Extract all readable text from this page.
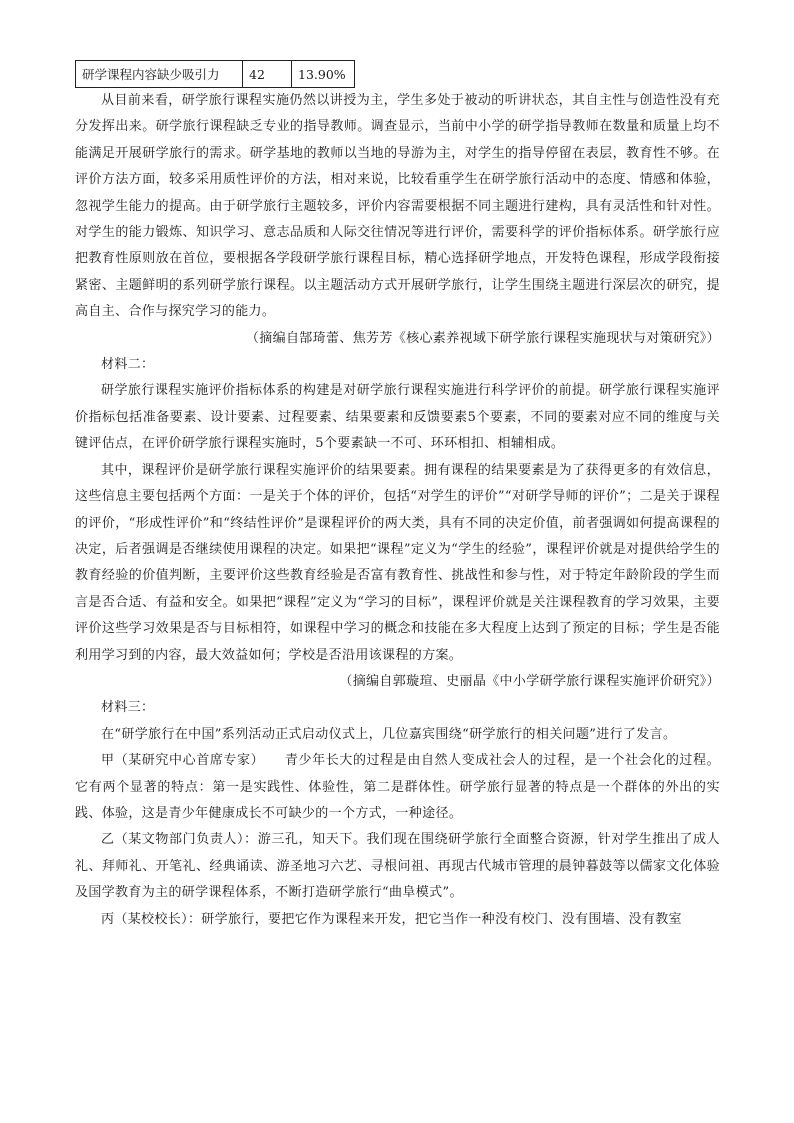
研学课程内容缺少吸引力	42	13.90%

从目前来看，研学旅行课程实施仍然以讲授为主，学生多处于被动的听讲状态，其自主性与创造性没有充分发挥出来。研学旅行课程缺乏专业的指导教师。调查显示，当前中小学的研学指导教师在数量和质量上均不能满足开展研学旅行的需求。研学基地的教师以当地的导游为主，对学生的指导停留在表层，教育性不够。在评价方法方面，较多采用质性评价的方法，相对来说，比较看重学生在研学旅行活动中的态度、情感和体验，忽视学生能力的提高。由于研学旅行主题较多，评价内容需要根据不同主题进行建构，具有灵活性和针对性。对学生的能力锻炼、知识学习、意志品质和人际交往情况等进行评价，需要科学的评价指标体系。研学旅行应把教育性原则放在首位，要根据各学段研学旅行课程目标，精心选择研学地点，开发特色课程，形成学段衔接紧密、主题鲜明的系列研学旅行课程。以主题活动方式开展研学旅行，让学生围绕主题进行深层次的研究，提高自主、合作与探究学习的能力。

（摘编自郜琦蕾、焦芳芳《核心素养视域下研学旅行课程实施现状与对策研究》）

材料二：

研学旅行课程实施评价指标体系的构建是对研学旅行课程实施进行科学评价的前提。研学旅行课程实施评价指标包括准备要素、设计要素、过程要素、结果要素和反馈要素5个要素，不同的要素对应不同的维度与关键评估点，在评价研学旅行课程实施时，5个要素缺一不可、环环相扣、相辅相成。

其中，课程评价是研学旅行课程实施评价的结果要素。拥有课程的结果要素是为了获得更多的有效信息，这些信息主要包括两个方面：一是关于个体的评价，包括“对学生的评价”“对研学导师的评价”；二是关于课程的评价，“形成性评价”和“终结性评价”是课程评价的两大类，具有不同的决定价值，前者强调如何提高课程的决定，后者强调是否继续使用课程的决定。如果把“课程”定义为“学生的经验”，课程评价就是对提供给学生的教育经验的价值判断，主要评价这些教育经验是否富有教育性、挑战性和参与性，对于特定年龄阶段的学生而言是否合适、有益和安全。如果把“课程”定义为“学习的目标”，课程评价就是关注课程教育的学习效果，主要评价这些学习效果是否与目标相符，如课程中学习的概念和技能在多大程度上达到了预定的目标；学生是否能利用学习到的内容，最大效益如何；学校是否沿用该课程的方案。

（摘编自郭璇瑄、史丽晶《中小学研学旅行课程实施评价研究》）

材料三：

在“研学旅行在中国”系列活动正式启动仪式上，几位嘉宾围绕“研学旅行的相关问题”进行了发言。

甲（某研究中心首席专家）　　青少年长大的过程是由自然人变成社会人的过程，是一个社会化的过程。它有两个显著的特点：第一是实践性、体验性，第二是群体性。研学旅行显著的特点是一个群体的外出的实践、体验，这是青少年健康成长不可缺少的一个方式，一种途径。

乙（某文物部门负责人）：游三孔，知天下。我们现在围绕研学旅行全面整合资源，针对学生推出了成人礼、拜师礼、开笔礼、经典诵读、游圣地习六艺、寻根问祖、再现古代城市管理的晨钟暮鼓等以儒家文化体验及国学教育为主的研学课程体系，不断打造研学旅行“曲阜模式”。

丙（某校校长）：研学旅行，要把它作为课程来开发，把它当作一种没有校门、没有围墙、没有教室
